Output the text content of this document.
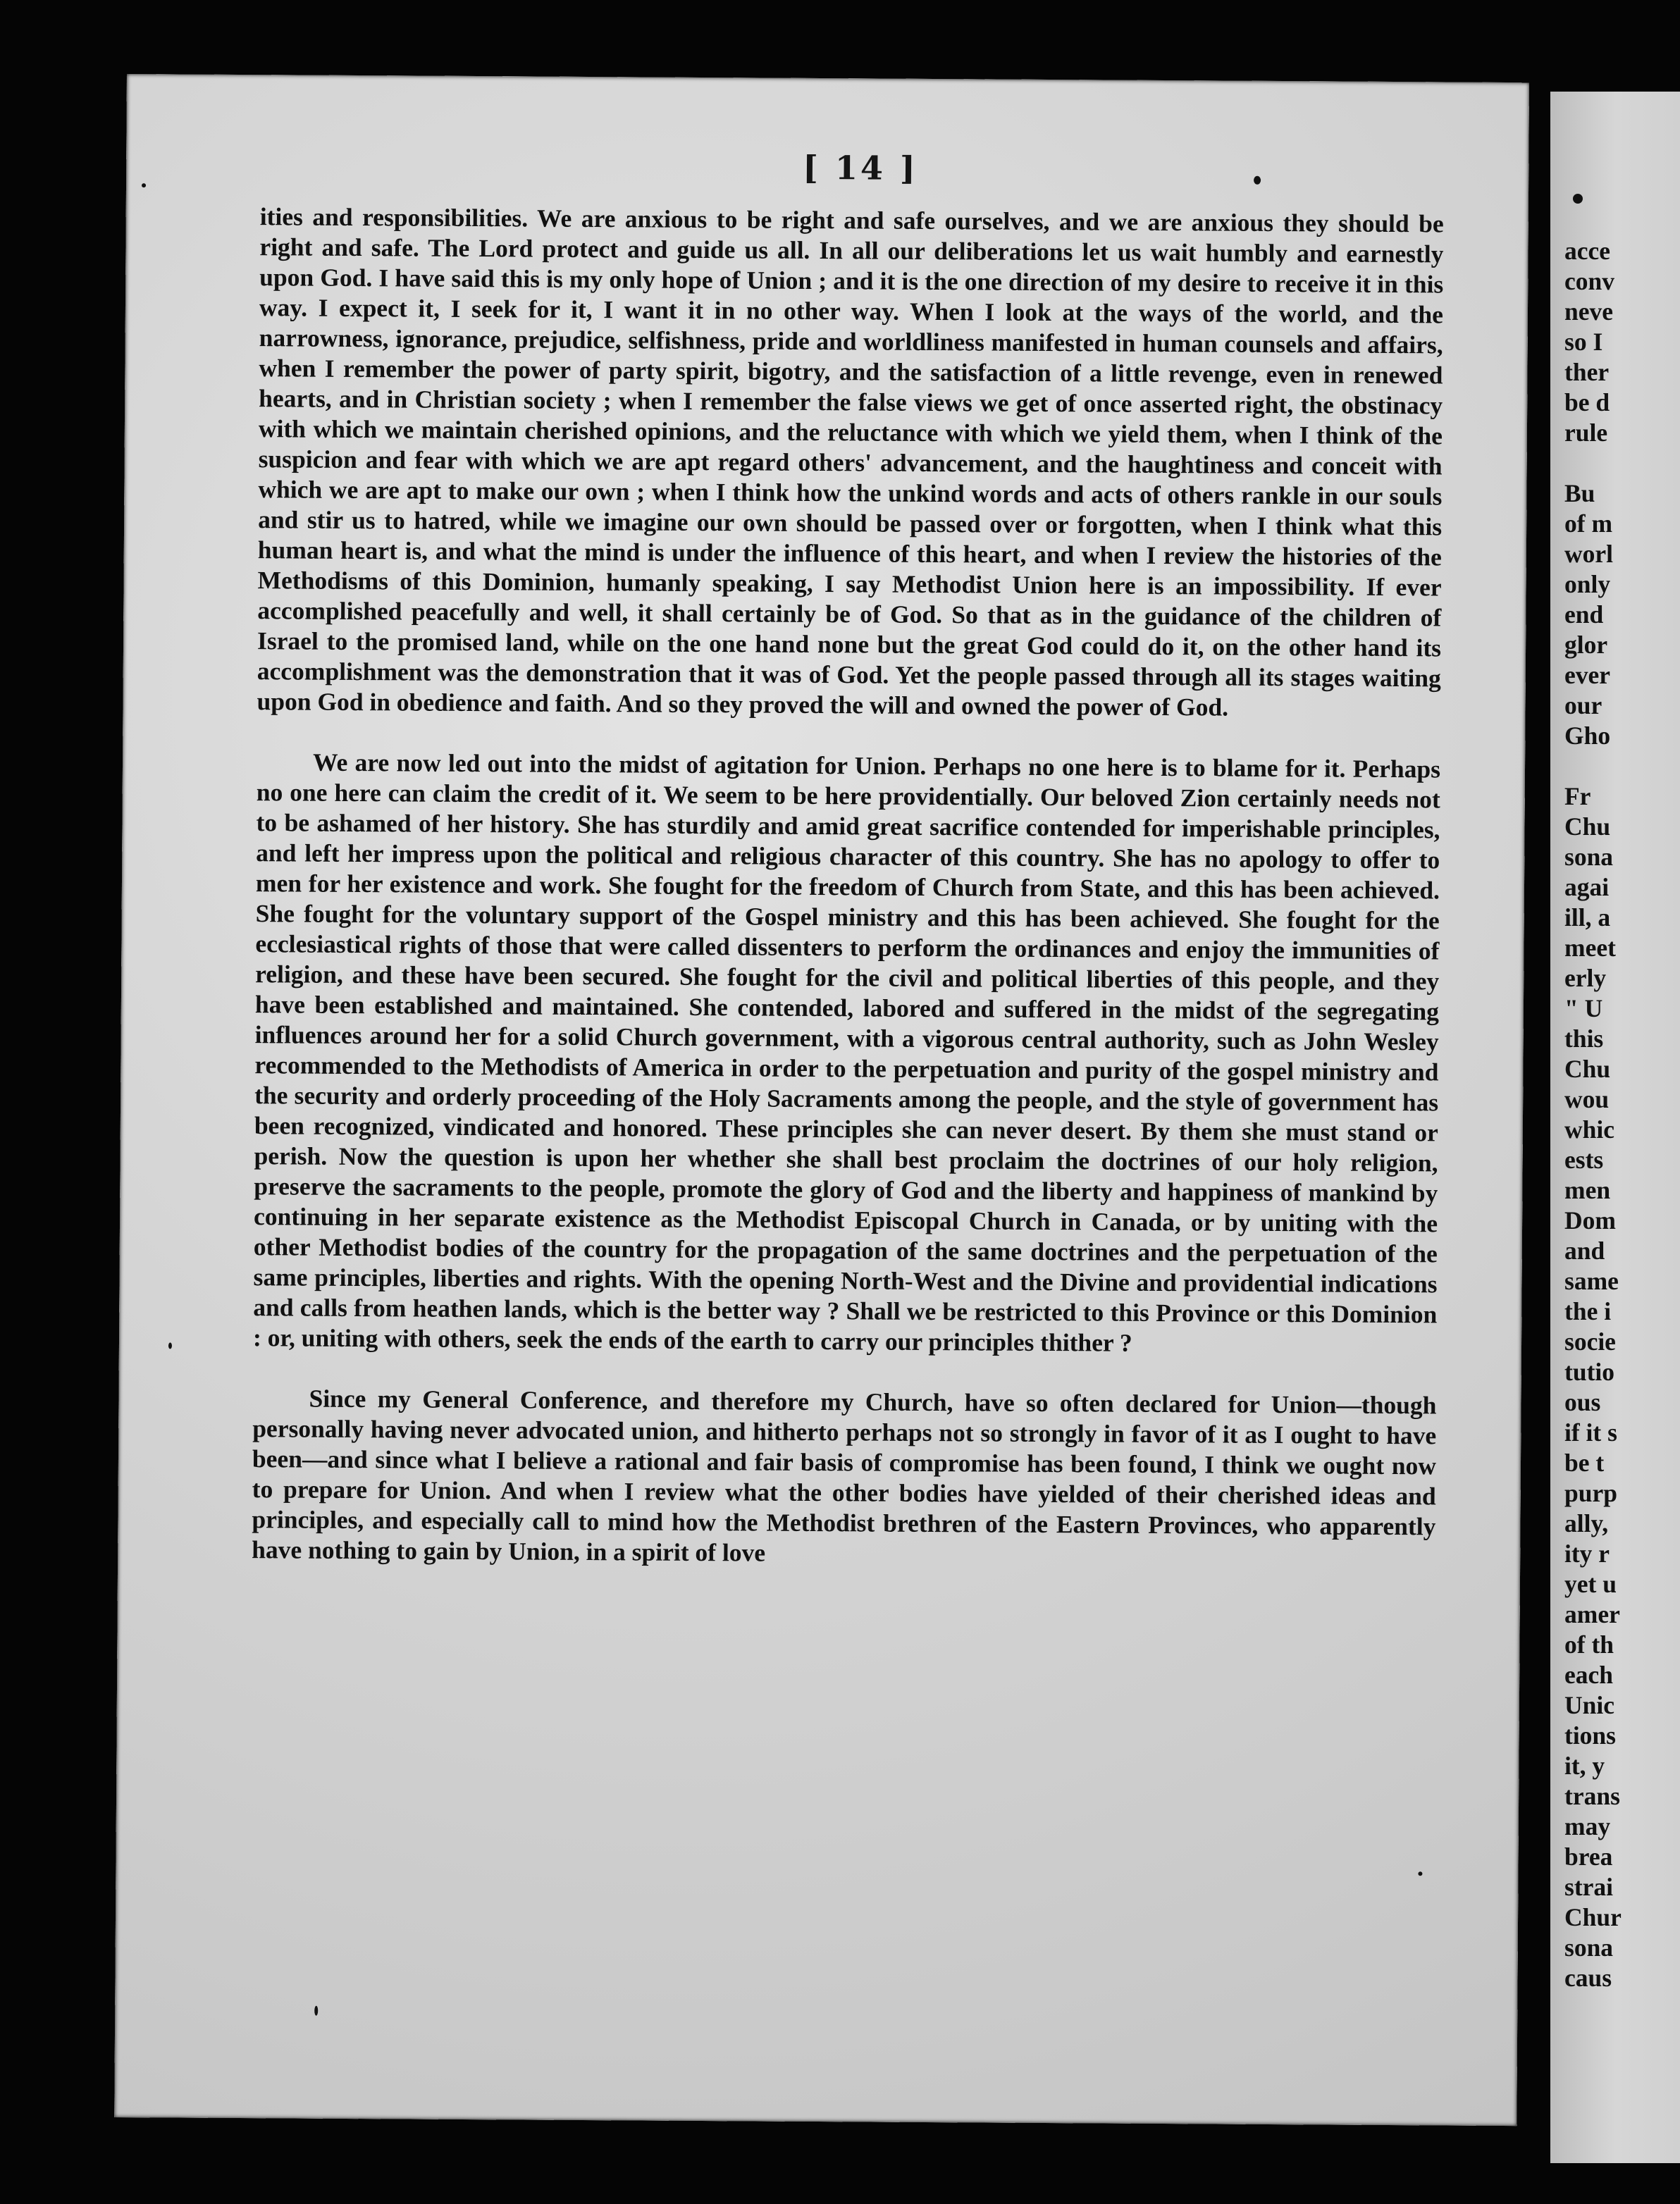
[ 14 ]

ities and responsibilities. We are anxious to be right and safe ourselves, and we are anxious they should be right and safe. The Lord protect and guide us all. In all our deliberations let us wait humbly and earnestly upon God. I have said this is my only hope of Union ; and it is the one direction of my desire to receive it in this way. I expect it, I seek for it, I want it in no other way. When I look at the ways of the world, and the narrowness, ignorance, prejudice, selfishness, pride and worldliness manifested in human counsels and affairs, when I remember the power of party spirit, bigotry, and the satisfaction of a little revenge, even in renewed hearts, and in Christian society ; when I remember the false views we get of once asserted right, the obstinacy with which we maintain cherished opinions, and the reluctance with which we yield them, when I think of the suspicion and fear with which we are apt regard others' advancement, and the haughtiness and conceit with which we are apt to make our own ; when I think how the unkind words and acts of others rankle in our souls and stir us to hatred, while we imagine our own should be passed over or forgotten, when I think what this human heart is, and what the mind is under the influence of this heart, and when I review the histories of the Methodisms of this Dominion, humanly speaking, I say Methodist Union here is an impossibility. If ever accomplished peacefully and well, it shall certainly be of God. So that as in the guidance of the children of Israel to the promised land, while on the one hand none but the great God could do it, on the other hand its accomplishment was the demonstration that it was of God. Yet the people passed through all its stages waiting upon God in obedience and faith. And so they proved the will and owned the power of God.

We are now led out into the midst of agitation for Union. Perhaps no one here is to blame for it. Perhaps no one here can claim the credit of it. We seem to be here providentially. Our beloved Zion certainly needs not to be ashamed of her history. She has sturdily and amid great sacrifice contended for imperishable principles, and left her impress upon the political and religious character of this country. She has no apology to offer to men for her existence and work. She fought for the freedom of Church from State, and this has been achieved. She fought for the voluntary support of the Gospel ministry and this has been achieved. She fought for the ecclesiastical rights of those that were called dissenters to perform the ordinances and enjoy the immunities of religion, and these have been secured. She fought for the civil and political liberties of this people, and they have been established and maintained. She contended, labored and suffered in the midst of the segregating influences around her for a solid Church government, with a vigorous central authority, such as John Wesley recommended to the Methodists of America in order to the perpetuation and purity of the gospel ministry and the security and orderly proceeding of the Holy Sacraments among the people, and the style of government has been recognized, vindicated and honored. These principles she can never desert. By them she must stand or perish. Now the question is upon her whether she shall best proclaim the doctrines of our holy religion, preserve the sacraments to the people, promote the glory of God and the liberty and happiness of mankind by continuing in her separate existence as the Methodist Episcopal Church in Canada, or by uniting with the other Methodist bodies of the country for the propagation of the same doctrines and the perpetuation of the same principles, liberties and rights. With the opening North-West and the Divine and providential indications and calls from heathen lands, which is the better way ? Shall we be restricted to this Province or this Dominion : or, uniting with others, seek the ends of the earth to carry our principles thither ?

Since my General Conference, and therefore my Church, have so often declared for Union—though personally having never advocated union, and hitherto perhaps not so strongly in favor of it as I ought to have been—and since what I believe a rational and fair basis of compromise has been found, I think we ought now to prepare for Union. And when I review what the other bodies have yielded of their cherished ideas and principles, and especially call to mind how the Methodist brethren of the Eastern Provinces, who apparently have nothing to gain by Union, in a spirit of love

acce
conv
neve
so I
ther
be d
rule
Bu
of m
worl
only
end
glor
ever
our
Gho
Fr
Chu
sona
agai
ill, a
meet
erly
" U
this
Chu
wou
whic
ests
men
Dom
and
same
the i
socie
tutio
ous
if it s
be t
purp
ally,
ity r
yet u
amer
of th
each
Unic
tions
it, y
trans
may
brea
strai
Chur
sona
caus
